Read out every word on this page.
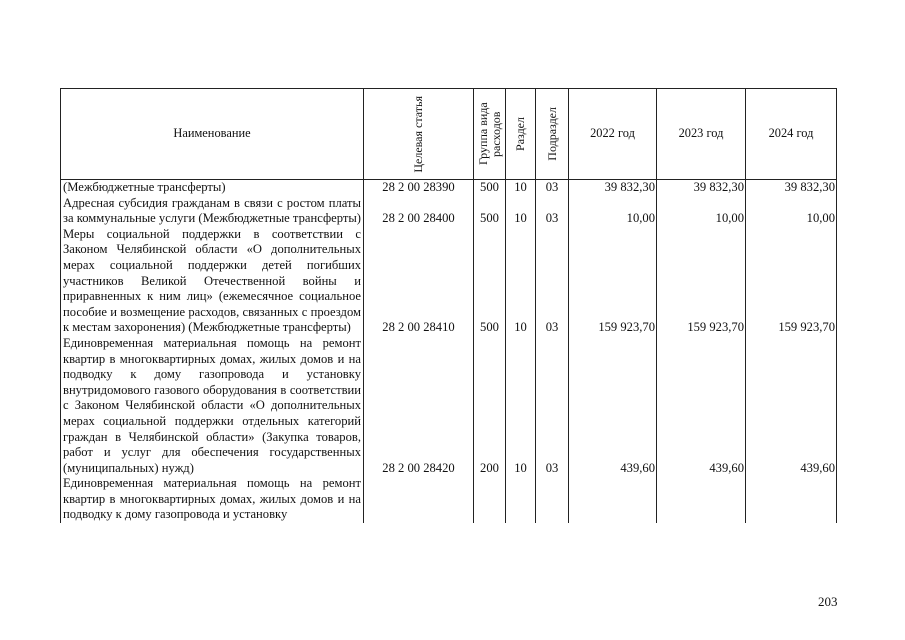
Наименование	Целевая статья	Группа вида расходов	Раздел	Подраздел	2022 год	2023 год	2024 год
(Межбюджетные трансферты)	28 2 00 28390	500	10	03	39 832,30	39 832,30	39 832,30
Адресная субсидия гражданам в связи с ростом платы за коммунальные услуги (Межбюджетные трансферты)	28 2 00 28400	500	10	03	10,00	10,00	10,00
Меры социальной поддержки в соответствии с Законом Челябинской области «О дополнительных мерах социальной поддержки детей погибших участников Великой Отечественной войны и приравненных к ним лиц» (ежемесячное социальное пособие и возмещение расходов, связанных с проездом к местам захоронения) (Межбюджетные трансферты)	28 2 00 28410	500	10	03	159 923,70	159 923,70	159 923,70
Единовременная материальная помощь на ремонт квартир в многоквартирных домах, жилых домов и на подводку к дому газопровода и установку внутридомового газового оборудования в соответствии с Законом Челябинской области «О дополнительных мерах социальной поддержки отдельных категорий граждан в Челябинской области» (Закупка товаров, работ и услуг для обеспечения государственных (муниципальных) нужд)	28 2 00 28420	200	10	03	439,60	439,60	439,60
Единовременная материальная помощь на ремонт квартир в многоквартирных домах, жилых домов и на подводку к дому газопровода и установку							
203
